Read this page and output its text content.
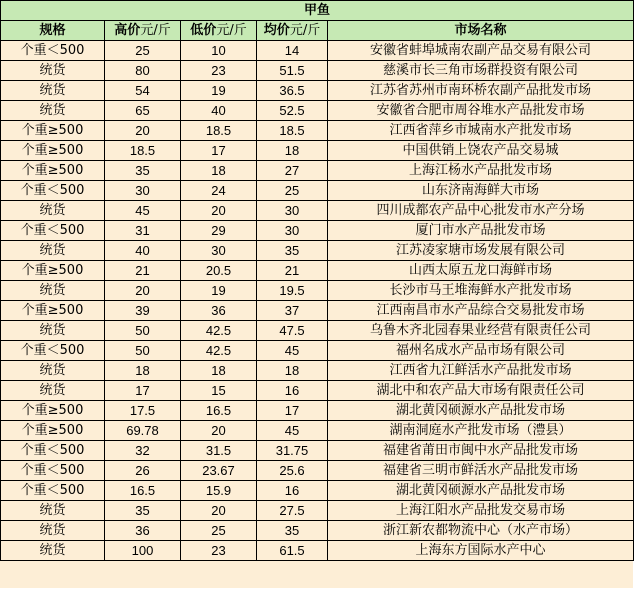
甲鱼				
规格	高价元/斤	低价元/斤	均价元/斤	市场名称
个重＜500	25	10	14	安徽省蚌埠城南农副产品交易有限公司
统货	80	23	51.5	慈溪市长三角市场群投资有限公司
统货	54	19	36.5	江苏省苏州市南环桥农副产品批发市场
统货	65	40	52.5	安徽省合肥市周谷堆水产品批发市场
个重≥500	20	18.5	18.5	江西省萍乡市城南水产批发市场
个重≥500	18.5	17	18	中国供销上饶农产品交易城
个重≥500	35	18	27	上海江杨水产品批发市场
个重＜500	30	24	25	山东济南海鲜大市场
统货	45	20	30	四川成都农产品中心批发市水产分场
个重＜500	31	29	30	厦门市水产品批发市场
统货	40	30	35	江苏凌家塘市场发展有限公司
个重≥500	21	20.5	21	山西太原五龙口海鲜市场
统货	20	19	19.5	长沙市马王堆海鲜水产批发市场
个重≥500	39	36	37	江西南昌市水产品综合交易批发市场
统货	50	42.5	47.5	乌鲁木齐北园春果业经营有限责任公司
个重＜500	50	42.5	45	福州名成水产品市场有限公司
统货	18	18	18	江西省九江鲜活水产品批发市场
统货	17	15	16	湖北中和农产品大市场有限责任公司
个重≥500	17.5	16.5	17	湖北黄冈硕源水产品批发市场
个重≥500	69.78	20	45	湖南洞庭水产批发市场（澧县）
个重＜500	32	31.5	31.75	福建省莆田市闽中水产品批发市场
个重＜500	26	23.67	25.6	福建省三明市鲜活水产品批发市场
个重＜500	16.5	15.9	16	湖北黄冈硕源水产品批发市场
统货	35	20	27.5	上海江阳水产品批发交易市场
统货	36	25	35	浙江新农都物流中心（水产市场）
统货	100	23	61.5	上海东方国际水产中心
